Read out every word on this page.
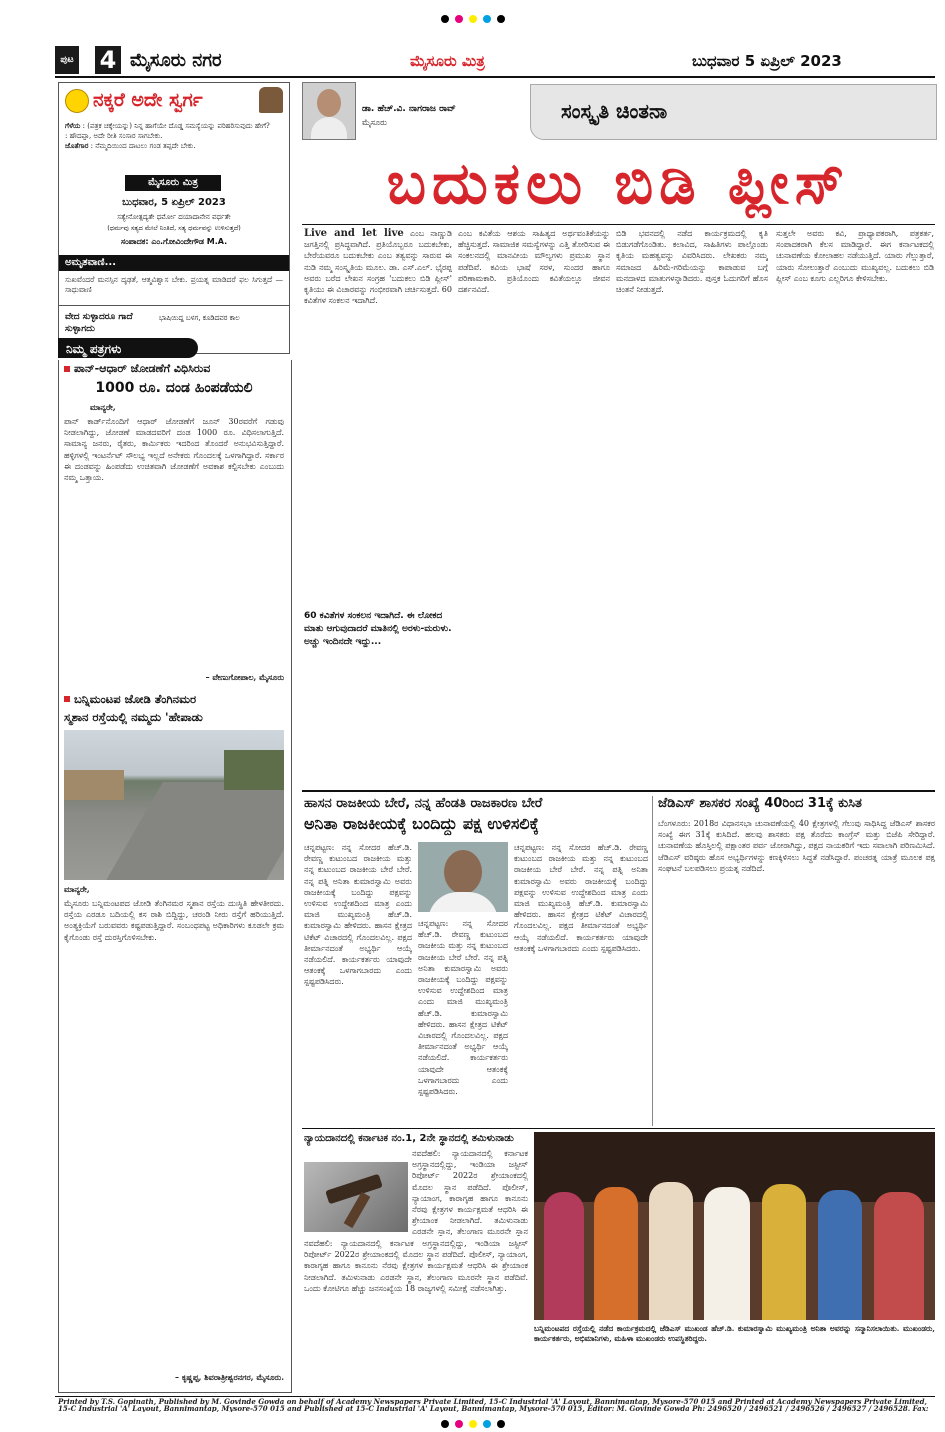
ಪುಟ 4 ಮೈಸೂರು ನಗರ	ಮೈಸೂರು ಮಿತ್ರ	ಬುಧವಾರ 5 ಏಪ್ರಿಲ್ 2023
ನಕ್ಕರೆ ಅದೇ ಸ್ವರ್ಗ
ಗೆಳೆಯ : (ಪತ್ರಕ ಚಕ್ಕೇಯನ್ನು) ನಿನ್ನ ಹಾಗೆಯೇ ದೊಡ್ಡ ಸಮಸ್ಯೆಯನ್ನು ಪರಿಹರಿಸುವುದು ಹೇಗೆ?
: ಹೌದಪ್ಪಾ, ಅದೇ ರೀತಿ ಸಂಸಾರ ಸಾಗಬೇಕು.
ಜೊತೆಗಾರ : ನೆಮ್ಮದಿಯಿಂದ ದಾಟಲು ಗಂಡ ತಪ್ಪದೇ ಬೇಕು.
ಮೈಸೂರು ಮಿತ್ರ
ಬುಧವಾರ, 5 ಏಪ್ರಿಲ್ 2023
ಸತ್ಯೇನೋತ್ಪದ್ಯತೇ ಧರ್ಮೋ ದಯಾದಾನೇನ ವರ್ಧತೇ
(ಧರ್ಮವು ಸತ್ಯದ ಮೇಲೆ ನಿಂತಿದೆ, ಸತ್ಯ ಧರ್ಮವನ್ನು ಉಳಿಸುತ್ತದೆ)
ಸಂಪಾದಕ: ಎಂ.ಗೋವಿಂದೇಗೌಡ M.A.
ಅಮೃತವಾಣಿ...
ಸುಖವೆಂದರೆ ಮನಸ್ಸಿನ ದೃಢತೆ, ಆತ್ಮವಿಶ್ವಾಸ ಬೇಕು. ಪ್ರಯತ್ನ ಮಾಡಿದರೆ ಫಲ ಸಿಗುತ್ತದೆ — ಸಾಧುವಾಣಿ
ವೇದ ಸುಳ್ಳಾದರೂ ಗಾದೆ ಸುಳ್ಳಾಗದು
ಭಾಷಿಯಿದ್ದ ಬಳಗ, ಕೂಡಿದವರ ಕಾಲ
ನಿಮ್ಮ ಪತ್ರಗಳು
ಪಾನ್-ಆಧಾರ್ ಜೋಡಣೆಗೆ ವಿಧಿಸಿರುವ
1000 ರೂ. ದಂಡ ಹಿಂಪಡೆಯಲಿ
ಮಾನ್ಯರೇ,
ಪಾನ್ ಕಾರ್ಡ್‌ನೊಂದಿಗೆ ಆಧಾರ್ ಜೋಡಣೆಗೆ ಜೂನ್ 30ರವರೆಗೆ ಗಡುವು ನೀಡಲಾಗಿದ್ದು, ಜೋಡಣೆ ಮಾಡದವರಿಗೆ ದಂಡ 1000 ರೂ. ವಿಧಿಸಲಾಗುತ್ತಿದೆ. ಸಾಮಾನ್ಯ ಜನರು, ರೈತರು, ಕಾರ್ಮಿಕರು ಇದರಿಂದ ತೊಂದರೆ ಅನುಭವಿಸುತ್ತಿದ್ದಾರೆ. ಹಳ್ಳಿಗಳಲ್ಲಿ ಇಂಟರ್ನೆಟ್ ಸೌಲಭ್ಯ ಇಲ್ಲದೆ ಅನೇಕರು ಗೊಂದಲಕ್ಕೆ ಒಳಗಾಗಿದ್ದಾರೆ. ಸರ್ಕಾರ ಈ ದಂಡವನ್ನು ಹಿಂಪಡೆದು ಉಚಿತವಾಗಿ ಜೋಡಣೆಗೆ ಅವಕಾಶ ಕಲ್ಪಿಸಬೇಕು ಎಂಬುದು ನಮ್ಮ ಒತ್ತಾಯ.
– ವೇಣುಗೋಪಾಲ, ಮೈಸೂರು
ಬನ್ನಿಮಂಟಪ ಜೋಡಿ ತೆಂಗಿನಮರ
ಸ್ಮಶಾನ ರಸ್ತೆಯಲ್ಲಿ ನಮ್ಮದು 'ಹೇಪಾಡು
ಮಾನ್ಯರೇ,
ಮೈಸೂರು ಬನ್ನಿಮಂಟಪದ ಜೋಡಿ ತೆಂಗಿನಮರ ಸ್ಮಶಾನ ರಸ್ತೆಯ ದುಃಸ್ಥಿತಿ ಹೇಳತೀರದು. ರಸ್ತೆಯ ಎರಡೂ ಬದಿಯಲ್ಲಿ ಕಸ ರಾಶಿ ಬಿದ್ದಿದ್ದು, ಚರಂಡಿ ನೀರು ರಸ್ತೆಗೆ ಹರಿಯುತ್ತಿದೆ. ಅಂತ್ಯಕ್ರಿಯೆಗೆ ಬರುವವರು ಕಷ್ಟಪಡುತ್ತಿದ್ದಾರೆ. ಸಂಬಂಧಪಟ್ಟ ಅಧಿಕಾರಿಗಳು ಕೂಡಲೇ ಕ್ರಮ ಕೈಗೊಂಡು ರಸ್ತೆ ದುರಸ್ತಿಗೊಳಿಸಬೇಕು.
– ಕೃಷ್ಣಪ್ಪ, ಶಿವರಾತ್ರೀಶ್ವರನಗರ, ಮೈಸೂರು.
ಡಾ. ಹೆಚ್.ವಿ. ನಾಗರಾಜ ರಾವ್
ಮೈಸೂರು	ಸಂಸ್ಕೃತಿ ಚಿಂತನಾ
ಬದುಕಲು ಬಿಡಿ ಪ್ಲೀಸ್
Live and let live ಎಂಬ ನಾಣ್ಣುಡಿ ಜಗತ್ತಿನಲ್ಲಿ ಪ್ರಸಿದ್ಧವಾಗಿದೆ. ಪ್ರತಿಯೊಬ್ಬರೂ ಬದುಕಬೇಕು, ಬೇರೆಯವರೂ ಬದುಕಬೇಕು ಎಂಬ ತತ್ವವನ್ನು ಸಾರುವ ಈ ನುಡಿ ನಮ್ಮ ಸಂಸ್ಕೃತಿಯ ಮೂಲ. ಡಾ. ಎಸ್.ಎಲ್. ಭೈರಪ್ಪ ಅವರು ಬರೆದ ಲೇಖನ ಸಂಗ್ರಹ 'ಬದುಕಲು ಬಿಡಿ ಪ್ಲೀಸ್' ಕೃತಿಯು ಈ ವಿಚಾರವನ್ನು ಗಂಭೀರವಾಗಿ ಚರ್ಚಿಸುತ್ತದೆ. 60 ಕವಿತೆಗಳ ಸಂಕಲನ ಇದಾಗಿದೆ.
60 ಕವಿತೆಗಳ ಸಂಕಲನ ಇದಾಗಿದೆ. ಈ ಲೋಕದ ಮಾತು ಆಗುವುದಾದರೆ ಮಾತಿನಲ್ಲಿ ಅರಳು-ಮರುಳು. ಅಚ್ಚು ಇಂದಿನದೇ ಇದ್ದು...
ಎಂಬ ಕವಿತೆಯ ಆಶಯ ಸಾಹಿತ್ಯದ ಅರ್ಥವಂತಿಕೆಯನ್ನು ಹೆಚ್ಚಿಸುತ್ತದೆ. ಸಾಮಾಜಿಕ ಸಮಸ್ಯೆಗಳನ್ನು ಎತ್ತಿ ತೋರಿಸುವ ಈ ಸಂಕಲನದಲ್ಲಿ ಮಾನವೀಯ ಮೌಲ್ಯಗಳು ಪ್ರಮುಖ ಸ್ಥಾನ ಪಡೆದಿವೆ. ಕವಿಯ ಭಾಷೆ ಸರಳ, ಸುಂದರ ಹಾಗೂ ಪರಿಣಾಮಕಾರಿ. ಪ್ರತಿಯೊಂದು ಕವಿತೆಯಲ್ಲೂ ಜೀವನ ದರ್ಶನವಿದೆ.
ಬಿಡಿ ಭವನದಲ್ಲಿ ನಡೆದ ಕಾರ್ಯಕ್ರಮದಲ್ಲಿ ಕೃತಿ ಬಿಡುಗಡೆಗೊಂಡಿತು. ಕಲಾವಿದ, ಸಾಹಿತಿಗಳು ಪಾಲ್ಗೊಂಡು ಕೃತಿಯ ಮಹತ್ವವನ್ನು ವಿವರಿಸಿದರು. ಲೇಖಕರು ನಮ್ಮ ಸಮಾಜದ ಹಿರಿಮೆ-ಗರಿಮೆಯನ್ನು ಕಾಪಾಡುವ ಬಗ್ಗೆ ಮನದಾಳದ ಮಾತುಗಳನ್ನಾಡಿದರು. ಪುಸ್ತಕ ಓದುಗರಿಗೆ ಹೊಸ ಚಿಂತನೆ ನೀಡುತ್ತದೆ.
ಸುತ್ತಲೇ ಅವರು ಕವಿ, ಪ್ರಾಧ್ಯಾಪಕರಾಗಿ, ಪತ್ರಕರ್ತ, ಸಂಪಾದಕರಾಗಿ ಕೆಲಸ ಮಾಡಿದ್ದಾರೆ. ಈಗ ಕರ್ನಾಟಕದಲ್ಲಿ ಚುನಾವಣೆಯ ಕೋಲಾಹಲ ನಡೆಯುತ್ತಿದೆ. ಯಾರು ಗೆಲ್ಲುತ್ತಾರೆ, ಯಾರು ಸೋಲುತ್ತಾರೆ ಎಂಬುದು ಮುಖ್ಯವಲ್ಲ. ಬದುಕಲು ಬಿಡಿ ಪ್ಲೀಸ್ ಎಂಬ ಕೂಗು ಎಲ್ಲರಿಗೂ ಕೇಳಿಸಬೇಕು.
ಹಾಸನ ರಾಜಕೀಯ ಬೇರೆ, ನನ್ನ ಹೆಂಡತಿ ರಾಜಕಾರಣ ಬೇರೆ
ಅನಿತಾ ರಾಜಕೀಯಕ್ಕೆ ಬಂದಿದ್ದು ಪಕ್ಷ ಉಳಿಸಲಿಕ್ಕೆ
ಚನ್ನಪಟ್ಟಣ: ನನ್ನ ಸೋದರ ಹೆಚ್.ಡಿ. ರೇವಣ್ಣ ಕುಟುಂಬದ ರಾಜಕೀಯ ಮತ್ತು ನನ್ನ ಕುಟುಂಬದ ರಾಜಕೀಯ ಬೇರೆ ಬೇರೆ. ನನ್ನ ಪತ್ನಿ ಅನಿತಾ ಕುಮಾರಸ್ವಾಮಿ ಅವರು ರಾಜಕೀಯಕ್ಕೆ ಬಂದಿದ್ದು ಪಕ್ಷವನ್ನು ಉಳಿಸುವ ಉದ್ದೇಶದಿಂದ ಮಾತ್ರ ಎಂದು ಮಾಜಿ ಮುಖ್ಯಮಂತ್ರಿ ಹೆಚ್.ಡಿ. ಕುಮಾರಸ್ವಾಮಿ ಹೇಳಿದರು. ಹಾಸನ ಕ್ಷೇತ್ರದ ಟಿಕೆಟ್ ವಿಚಾರದಲ್ಲಿ ಗೊಂದಲವಿಲ್ಲ. ಪಕ್ಷದ ತೀರ್ಮಾನದಂತೆ ಅಭ್ಯರ್ಥಿ ಆಯ್ಕೆ ನಡೆಯಲಿದೆ. ಕಾರ್ಯಕರ್ತರು ಯಾವುದೇ ಆತಂಕಕ್ಕೆ ಒಳಗಾಗಬಾರದು ಎಂದು ಸ್ಪಷ್ಟಪಡಿಸಿದರು.
ಚನ್ನಪಟ್ಟಣ: ನನ್ನ ಸೋದರ ಹೆಚ್.ಡಿ. ರೇವಣ್ಣ ಕುಟುಂಬದ ರಾಜಕೀಯ ಮತ್ತು ನನ್ನ ಕುಟುಂಬದ ರಾಜಕೀಯ ಬೇರೆ ಬೇರೆ. ನನ್ನ ಪತ್ನಿ ಅನಿತಾ ಕುಮಾರಸ್ವಾಮಿ ಅವರು ರಾಜಕೀಯಕ್ಕೆ ಬಂದಿದ್ದು ಪಕ್ಷವನ್ನು ಉಳಿಸುವ ಉದ್ದೇಶದಿಂದ ಮಾತ್ರ ಎಂದು ಮಾಜಿ ಮುಖ್ಯಮಂತ್ರಿ ಹೆಚ್.ಡಿ. ಕುಮಾರಸ್ವಾಮಿ ಹೇಳಿದರು. ಹಾಸನ ಕ್ಷೇತ್ರದ ಟಿಕೆಟ್ ವಿಚಾರದಲ್ಲಿ ಗೊಂದಲವಿಲ್ಲ. ಪಕ್ಷದ ತೀರ್ಮಾನದಂತೆ ಅಭ್ಯರ್ಥಿ ಆಯ್ಕೆ ನಡೆಯಲಿದೆ. ಕಾರ್ಯಕರ್ತರು ಯಾವುದೇ ಆತಂಕಕ್ಕೆ ಒಳಗಾಗಬಾರದು ಎಂದು ಸ್ಪಷ್ಟಪಡಿಸಿದರು.
ಚನ್ನಪಟ್ಟಣ: ನನ್ನ ಸೋದರ ಹೆಚ್.ಡಿ. ರೇವಣ್ಣ ಕುಟುಂಬದ ರಾಜಕೀಯ ಮತ್ತು ನನ್ನ ಕುಟುಂಬದ ರಾಜಕೀಯ ಬೇರೆ ಬೇರೆ. ನನ್ನ ಪತ್ನಿ ಅನಿತಾ ಕುಮಾರಸ್ವಾಮಿ ಅವರು ರಾಜಕೀಯಕ್ಕೆ ಬಂದಿದ್ದು ಪಕ್ಷವನ್ನು ಉಳಿಸುವ ಉದ್ದೇಶದಿಂದ ಮಾತ್ರ ಎಂದು ಮಾಜಿ ಮುಖ್ಯಮಂತ್ರಿ ಹೆಚ್.ಡಿ. ಕುಮಾರಸ್ವಾಮಿ ಹೇಳಿದರು. ಹಾಸನ ಕ್ಷೇತ್ರದ ಟಿಕೆಟ್ ವಿಚಾರದಲ್ಲಿ ಗೊಂದಲವಿಲ್ಲ. ಪಕ್ಷದ ತೀರ್ಮಾನದಂತೆ ಅಭ್ಯರ್ಥಿ ಆಯ್ಕೆ ನಡೆಯಲಿದೆ. ಕಾರ್ಯಕರ್ತರು ಯಾವುದೇ ಆತಂಕಕ್ಕೆ ಒಳಗಾಗಬಾರದು ಎಂದು ಸ್ಪಷ್ಟಪಡಿಸಿದರು.
ಜೆಡಿಎಸ್ ಶಾಸಕರ ಸಂಖ್ಯೆ 40ರಿಂದ 31ಕ್ಕೆ ಕುಸಿತ
ಬೆಂಗಳೂರು: 2018ರ ವಿಧಾನಸಭಾ ಚುನಾವಣೆಯಲ್ಲಿ 40 ಕ್ಷೇತ್ರಗಳಲ್ಲಿ ಗೆಲುವು ಸಾಧಿಸಿದ್ದ ಜೆಡಿಎಸ್ ಶಾಸಕರ ಸಂಖ್ಯೆ ಈಗ 31ಕ್ಕೆ ಕುಸಿದಿದೆ. ಹಲವು ಶಾಸಕರು ಪಕ್ಷ ತೊರೆದು ಕಾಂಗ್ರೆಸ್ ಮತ್ತು ಬಿಜೆಪಿ ಸೇರಿದ್ದಾರೆ. ಚುನಾವಣೆಯ ಹೊಸ್ತಿಲಲ್ಲಿ ಪಕ್ಷಾಂತರ ಪರ್ವ ಜೋರಾಗಿದ್ದು, ಪಕ್ಷದ ನಾಯಕರಿಗೆ ಇದು ಸವಾಲಾಗಿ ಪರಿಣಮಿಸಿದೆ. ಜೆಡಿಎಸ್ ವರಿಷ್ಠರು ಹೊಸ ಅಭ್ಯರ್ಥಿಗಳನ್ನು ಕಣಕ್ಕಿಳಿಸಲು ಸಿದ್ಧತೆ ನಡೆಸಿದ್ದಾರೆ. ಪಂಚರತ್ನ ಯಾತ್ರೆ ಮೂಲಕ ಪಕ್ಷ ಸಂಘಟನೆ ಬಲಪಡಿಸಲು ಪ್ರಯತ್ನ ನಡೆದಿದೆ.
ನ್ಯಾಯದಾನದಲ್ಲಿ ಕರ್ನಾಟಕ ನಂ.1, 2ನೇ ಸ್ಥಾನದಲ್ಲಿ ತಮಿಳುನಾಡು
ನವದೆಹಲಿ: ನ್ಯಾಯದಾನದಲ್ಲಿ ಕರ್ನಾಟಕ ಅಗ್ರಸ್ಥಾನದಲ್ಲಿದ್ದು, ಇಂಡಿಯಾ ಜಸ್ಟೀಸ್ ರಿಪೋರ್ಟ್ 2022ರ ಶ್ರೇಯಾಂಕದಲ್ಲಿ ಮೊದಲ ಸ್ಥಾನ ಪಡೆದಿದೆ. ಪೊಲೀಸ್, ನ್ಯಾಯಾಂಗ, ಕಾರಾಗೃಹ ಹಾಗೂ ಕಾನೂನು ನೆರವು ಕ್ಷೇತ್ರಗಳ ಕಾರ್ಯಕ್ಷಮತೆ ಆಧರಿಸಿ ಈ ಶ್ರೇಯಾಂಕ ನೀಡಲಾಗಿದೆ. ತಮಿಳುನಾಡು ಎರಡನೇ ಸ್ಥಾನ, ತೆಲಂಗಾಣ ಮೂರನೇ ಸ್ಥಾನ
ನವದೆಹಲಿ: ನ್ಯಾಯದಾನದಲ್ಲಿ ಕರ್ನಾಟಕ ಅಗ್ರಸ್ಥಾನದಲ್ಲಿದ್ದು, ಇಂಡಿಯಾ ಜಸ್ಟೀಸ್ ರಿಪೋರ್ಟ್ 2022ರ ಶ್ರೇಯಾಂಕದಲ್ಲಿ ಮೊದಲ ಸ್ಥಾನ ಪಡೆದಿದೆ. ಪೊಲೀಸ್, ನ್ಯಾಯಾಂಗ, ಕಾರಾಗೃಹ ಹಾಗೂ ಕಾನೂನು ನೆರವು ಕ್ಷೇತ್ರಗಳ ಕಾರ್ಯಕ್ಷಮತೆ ಆಧರಿಸಿ ಈ ಶ್ರೇಯಾಂಕ ನೀಡಲಾಗಿದೆ. ತಮಿಳುನಾಡು ಎರಡನೇ ಸ್ಥಾನ, ತೆಲಂಗಾಣ ಮೂರನೇ ಸ್ಥಾನ ಪಡೆದಿವೆ. ಒಂದು ಕೋಟಿಗೂ ಹೆಚ್ಚು ಜನಸಂಖ್ಯೆಯ 18 ರಾಜ್ಯಗಳಲ್ಲಿ ಸಮೀಕ್ಷೆ ನಡೆಸಲಾಗಿತ್ತು.
ಬನ್ನಿಮಂಟಪದ ರಸ್ತೆಯಲ್ಲಿ ನಡೆದ ಕಾರ್ಯಕ್ರಮದಲ್ಲಿ ಜೆಡಿಎಸ್ ಮುಖಂಡ ಹೆಚ್.ಡಿ. ಕುಮಾರಸ್ವಾಮಿ ಮುಖ್ಯಮಂತ್ರಿ ಅನಿತಾ ಅವರನ್ನು ಸನ್ಮಾನಿಸಲಾಯಿತು. ಮುಖಂಡರು, ಕಾರ್ಯಕರ್ತರು, ಅಭಿಮಾನಿಗಳು, ಮಹಿಳಾ ಮುಖಂಡರು ಉಪಸ್ಥಿತರಿದ್ದರು.
Printed by T.S. Gopinath, Published by M. Govinde Gowda on behalf of Academy Newspapers Private Limited, 15-C Industrial 'A' Layout, Bannimantap, Mysore-570 015 and Printed at Academy Newspapers Private Limited, 15-C Industrial 'A' Layout, Bannimantap, Mysore-570 015 and Published at 15-C Industrial 'A' Layout, Bannimantap, Mysore-570 015, Editor: M. Govinde Gowda Ph: 2496520 / 2496521 / 2496526 / 2496527 / 2496528. Fax:
